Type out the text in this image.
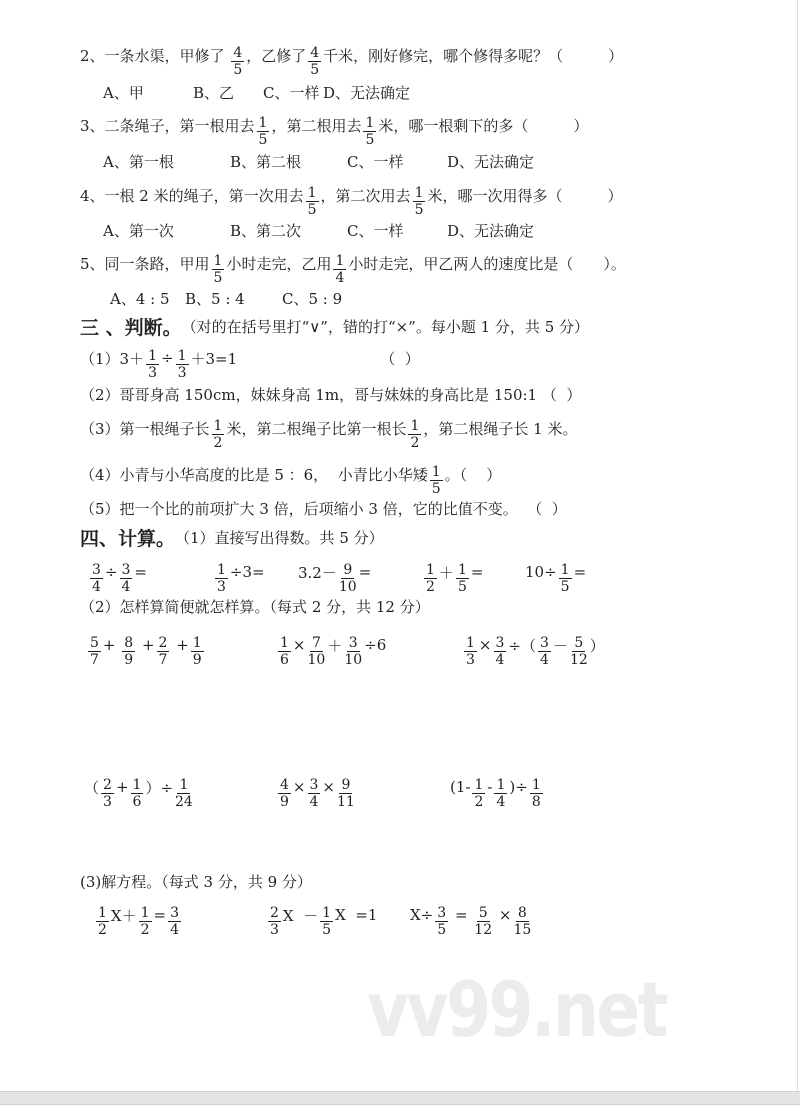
2、一条水渠，甲修了 $\frac{4}{5}$ ，乙修了 $\frac{4}{5}$ 千米，刚好修完，哪个修得多呢？（　　　）
A、甲	B、乙 C、一样 D、无法确定
3、二条绳子，第一根用去 $\frac{1}{5}$ ，第二根用去 $\frac{1}{5}$ 米，哪一根剩下的多（　　　）
A、第一根	B、第二根	C、一样	D、无法确定
4、一根 2 米的绳子，第一次用去 $\frac{1}{5}$ ，第二次用去 $\frac{1}{5}$ 米，哪一次用得多（　　　）
A、第一次	B、第二次	C、一样	D、无法确定
5、同一条路，甲用 $\frac{1}{5}$ 小时走完，乙用 $\frac{1}{4}$ 小时走完，甲乙两人的速度比是（　　）。
A、4 : 5 B、5 : 4 C、5 : 9
三 、判断。 （对的在括号里打“∨”，错的打“×”。每小题 1 分，共 5 分）
$(1)3+ \frac{1}{3} \div \frac{1}{3} +3=1$                              （  ）
（2）哥哥身高 150cm，妹妹身高 1m，哥与妹妹的身高比是 150:1 （  ）
（3）第一根绳子长 $\frac{1}{2}$ 米，第二根绳子比第一根长 $\frac{1}{2}$ ，第二根绳子长 1 米。
（4）小青与小华高度的比是 5 ：6，  小青比小华矮 $\frac{1}{5}$ 。（    ）
（5）把一个比的前项扩大 3 倍，后项缩小 3 倍，它的比值不变。  （  ）
四、计算。 （1）直接写出得数。共 5 分）
$\frac{3}{4} \div \frac{3}{4}$ =	$\frac{1}{3} \div 3= 3.2- \frac{9}{10}$ =	$\frac{1}{2} + \frac{1}{5}$ =	$10\div \frac{1}{5}$ =
（2）怎样算简便就怎样算。（每式 2 分，共 12 分）
$\frac{5}{7} + \frac{8}{9} + \frac{2}{7} + \frac{1}{9}$	$\frac{1}{6} \times \frac{7}{10} + \frac{3}{10} \div 6$	$\frac{1}{3} \times \frac{3}{4}$ ÷（ $\frac{3}{4} - \frac{5}{12}$ ）
（ $\frac{2}{3} + \frac{1}{6}$ ）÷ $\frac{1}{24}$	$\frac{4}{9} \times \frac{3}{4} \times \frac{9}{11}$	($1- \frac{1}{2} - \frac{1}{4}$ )÷ $\frac{1}{8}$
(3)解方程。（每式 3 分，共 9 分）
$\frac{1}{2} X+ \frac{1}{2} = \frac{3}{4}$	$\frac{2}{3}$ $X - \frac{1}{5}$ X  =1 $X\div \frac{3}{5} = \frac{5}{12} \times \frac{8}{15}$
vv99.net
